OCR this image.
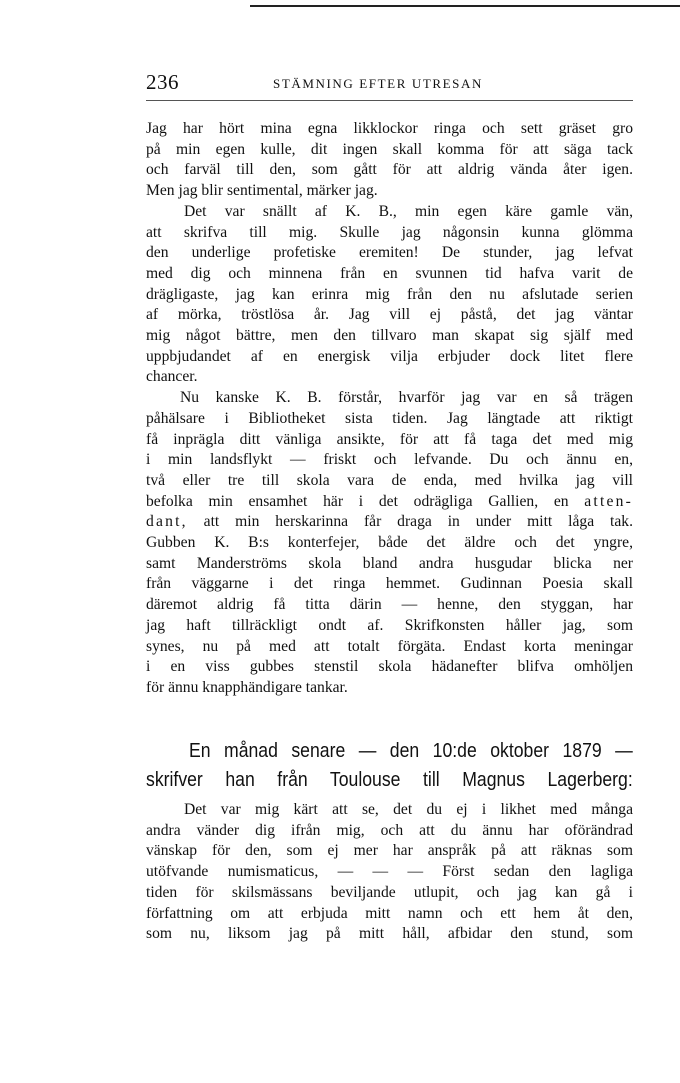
236	STÄMNING EFTER UTRESAN
Jag har hört mina egna likklockor ringa och sett gräset gro
på min egen kulle, dit ingen skall komma för att säga tack
och farväl till den, som gått för att aldrig vända åter igen.
Men jag blir sentimental, märker jag.
Det var snällt af K. B., min egen käre gamle vän,
att skrifva till mig. Skulle jag någonsin kunna glömma
den underlige profetiske eremiten! De stunder, jag lefvat
med dig och minnena från en svunnen tid hafva varit de
drägligaste, jag kan erinra mig från den nu afslutade serien
af mörka, tröstlösa år. Jag vill ej påstå, det jag väntar
mig något bättre, men den tillvaro man skapat sig själf med
uppbjudandet af en energisk vilja erbjuder dock litet flere
chancer.
Nu kanske K. B. förstår, hvarför jag var en så trägen
påhälsare i Bibliotheket sista tiden. Jag längtade att riktigt
få inprägla ditt vänliga ansikte, för att få taga det med mig
i min landsflykt — friskt och lefvande. Du och ännu en,
två eller tre till skola vara de enda, med hvilka jag vill
befolka min ensamhet här i det odrägliga Gallien, en atten-
dant, att min herskarinna får draga in under mitt låga tak.
Gubben K. B:s konterfejer, både det äldre och det yngre,
samt Manderströms skola bland andra husgudar blicka ner
från väggarne i det ringa hemmet. Gudinnan Poesia skall
däremot aldrig få titta därin — henne, den styggan, har
jag haft tillräckligt ondt af. Skrifkonsten håller jag, som
synes, nu på med att totalt förgäta. Endast korta meningar
i en viss gubbes stenstil skola hädanefter blifva omhöljen
för ännu knapphändigare tankar.
En månad senare — den 10:de oktober 1879 —
skrifver han från Toulouse till Magnus Lagerberg:
Det var mig kärt att se, det du ej i likhet med många
andra vänder dig ifrån mig, och att du ännu har oförändrad
vänskap för den, som ej mer har anspråk på att räknas som
utöfvande numismaticus, — — — Först sedan den lagliga
tiden för skilsmässans beviljande utlupit, och jag kan gå i
författning om att erbjuda mitt namn och ett hem åt den,
som nu, liksom jag på mitt håll, afbidar den stund, som
